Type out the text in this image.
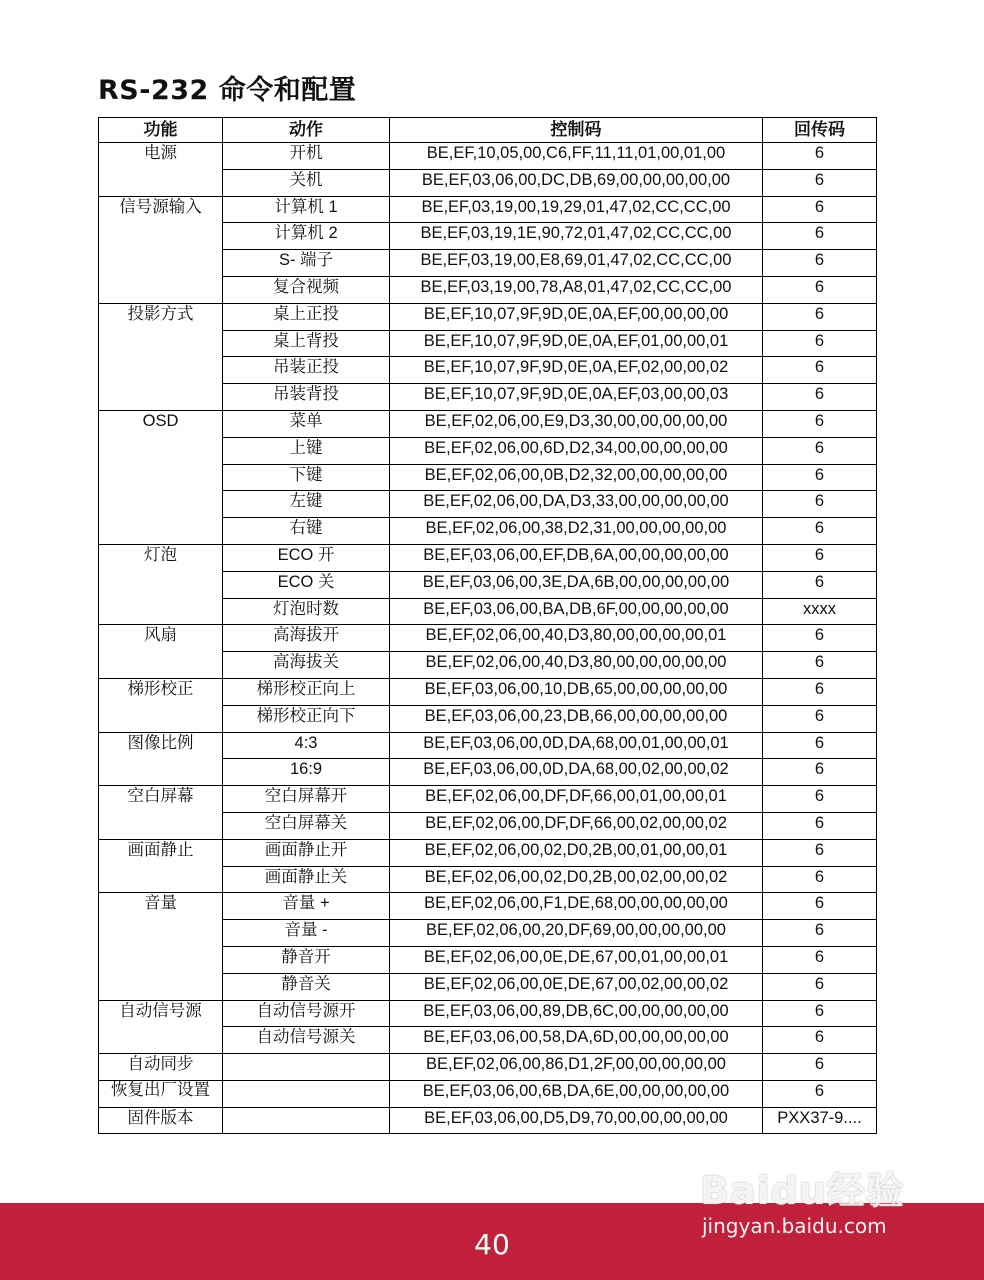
RS-232 命令和配置
功能	动作	控制码	回传码
电源	开机	BE,EF,10,05,00,C6,FF,11,11,01,00,01,00	6
	关机	BE,EF,03,06,00,DC,DB,69,00,00,00,00,00	6
信号源输入	计算机 1	BE,EF,03,19,00,19,29,01,47,02,CC,CC,00	6
	计算机 2	BE,EF,03,19,1E,90,72,01,47,02,CC,CC,00	6
	S- 端子	BE,EF,03,19,00,E8,69,01,47,02,CC,CC,00	6
	复合视频	BE,EF,03,19,00,78,A8,01,47,02,CC,CC,00	6
投影方式	桌上正投	BE,EF,10,07,9F,9D,0E,0A,EF,00,00,00,00	6
	桌上背投	BE,EF,10,07,9F,9D,0E,0A,EF,01,00,00,01	6
	吊装正投	BE,EF,10,07,9F,9D,0E,0A,EF,02,00,00,02	6
	吊装背投	BE,EF,10,07,9F,9D,0E,0A,EF,03,00,00,03	6
OSD	菜单	BE,EF,02,06,00,E9,D3,30,00,00,00,00,00	6
	上键	BE,EF,02,06,00,6D,D2,34,00,00,00,00,00	6
	下键	BE,EF,02,06,00,0B,D2,32,00,00,00,00,00	6
	左键	BE,EF,02,06,00,DA,D3,33,00,00,00,00,00	6
	右键	BE,EF,02,06,00,38,D2,31,00,00,00,00,00	6
灯泡	ECO 开	BE,EF,03,06,00,EF,DB,6A,00,00,00,00,00	6
	ECO 关	BE,EF,03,06,00,3E,DA,6B,00,00,00,00,00	6
	灯泡时数	BE,EF,03,06,00,BA,DB,6F,00,00,00,00,00	xxxx
风扇	高海拔开	BE,EF,02,06,00,40,D3,80,00,00,00,00,01	6
	高海拔关	BE,EF,02,06,00,40,D3,80,00,00,00,00,00	6
梯形校正	梯形校正向上	BE,EF,03,06,00,10,DB,65,00,00,00,00,00	6
	梯形校正向下	BE,EF,03,06,00,23,DB,66,00,00,00,00,00	6
图像比例	4:3	BE,EF,03,06,00,0D,DA,68,00,01,00,00,01	6
	16:9	BE,EF,03,06,00,0D,DA,68,00,02,00,00,02	6
空白屏幕	空白屏幕开	BE,EF,02,06,00,DF,DF,66,00,01,00,00,01	6
	空白屏幕关	BE,EF,02,06,00,DF,DF,66,00,02,00,00,02	6
画面静止	画面静止开	BE,EF,02,06,00,02,D0,2B,00,01,00,00,01	6
	画面静止关	BE,EF,02,06,00,02,D0,2B,00,02,00,00,02	6
音量	音量 +	BE,EF,02,06,00,F1,DE,68,00,00,00,00,00	6
	音量 -	BE,EF,02,06,00,20,DF,69,00,00,00,00,00	6
	静音开	BE,EF,02,06,00,0E,DE,67,00,01,00,00,01	6
	静音关	BE,EF,02,06,00,0E,DE,67,00,02,00,00,02	6
自动信号源	自动信号源开	BE,EF,03,06,00,89,DB,6C,00,00,00,00,00	6
	自动信号源关	BE,EF,03,06,00,58,DA,6D,00,00,00,00,00	6
自动同步		BE,EF,02,06,00,86,D1,2F,00,00,00,00,00	6
恢复出厂设置		BE,EF,03,06,00,6B,DA,6E,00,00,00,00,00	6
固件版本		BE,EF,03,06,00,D5,D9,70,00,00,00,00,00	PXX37-9....
40
Baidu经验
jingyan.baidu.com
